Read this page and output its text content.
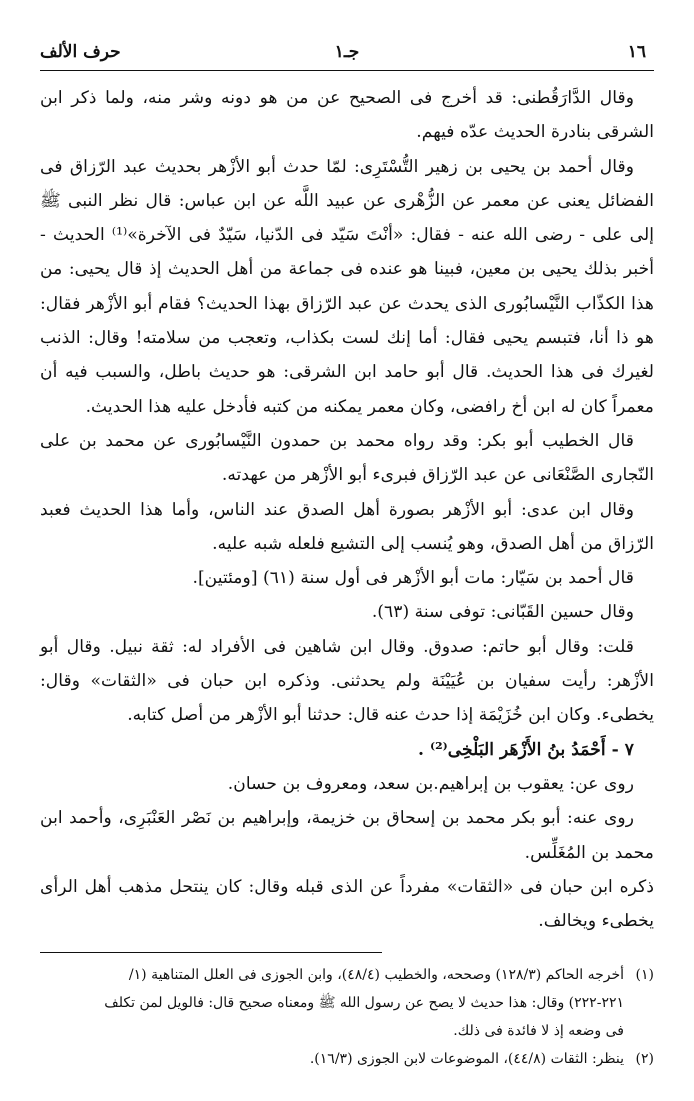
١٦
جـ١
حرف الألف

وقال الدَّارَقُطنى: قد أخرج فى الصحيح عن من هو دونه وشر منه، ولما ذكر ابن الشرقى بنادرة الحديث عدّه فيهم.

وقال أحمد بن يحيى بن زهير التُّسْتَرِى: لمّا حدث أبو الأزْهر بحديث عبد الرّزاق فى الفضائل يعنى عن معمر عن الزُّهْرى عن عبيد اللَّه عن ابن عباس: قال نظر النبى ﷺ إلى على - رضى الله عنه - فقال: «أنْتَ سَيّد فى الدّنيا، سَيّدٌ فى الآخرة»⁽¹⁾ الحديث - أخبر بذلك يحيى بن معين، فبينا هو عنده فى جماعة من أهل الحديث إذ قال يحيى: من هذا الكذّاب النَّيْسابُورى الذى يحدث عن عبد الرّزاق بهذا الحديث؟ فقام أبو الأزْهر فقال: هو ذا أنا، فتبسم يحيى فقال: أما إنك لست بكذاب، وتعجب من سلامته! وقال: الذنب لغيرك فى هذا الحديث. قال أبو حامد ابن الشرقى: هو حديث باطل، والسبب فيه أن معمراً كان له ابن أخ رافضى، وكان معمر يمكنه من كتبه فأدخل عليه هذا الحديث.

قال الخطيب أبو بكر: وقد رواه محمد بن حمدون النَّيْسابُورى عن محمد بن على النّجارى الصَّنْعَانى عن عبد الرّزاق فبرىء أبو الأزْهر من عهدته.

وقال ابن عدى: أبو الأزْهر بصورة أهل الصدق عند الناس، وأما هذا الحديث فعبد الرّزاق من أهل الصدق، وهو يُنسب إلى التشيع فلعله شبه عليه.

قال أحمد بن سَيّار: مات أبو الأزْهر فى أول سنة (٦١) [ومئتين].

وقال حسين القَبّانى: توفى سنة (٦٣).

قلت: وقال أبو حاتم: صدوق. وقال ابن شاهين فى الأفراد له: ثقة نبيل. وقال أبو الأزْهر: رأيت سفيان بن عُيَيْنَة ولم يحدثنى. وذكره ابن حبان فى «الثقات» وقال: يخطىء. وكان ابن خُزَيْمَة إذا حدث عنه قال: حدثنا أبو الأزْهر من أصل كتابه.

٧ - أَحْمَدُ بنُ الأَزْهَر البَلْخِى⁽²⁾ .

روى عن: يعقوب بن إبراهيم.بن سعد، ومعروف بن حسان.

روى عنه: أبو بكر محمد بن إسحاق بن خزيمة، وإبراهيم بن نَصْر العَنْبَرِى، وأحمد ابن محمد بن المُغَلِّس.

ذكره ابن حبان فى «الثقات» مفرداً عن الذى قبله وقال: كان ينتحل مذهب أهل الرأى يخطىء ويخالف.

(١)أخرجه الحاكم (١٢٨/٣) وصححه، والخطيب (٤٨/٤)، وابن الجوزى فى العلل المتناهية (١/
٢٢١-٢٢٢) وقال: هذا حديث لا يصح عن رسول الله ﷺ ومعناه صحيح قال: فالويل لمن تكلف
فى وضعه إذ لا فائدة فى ذلك.
(٢)ينظر: الثقات (٤٤/٨)، الموضوعات لابن الجوزى (١٦/٣).
